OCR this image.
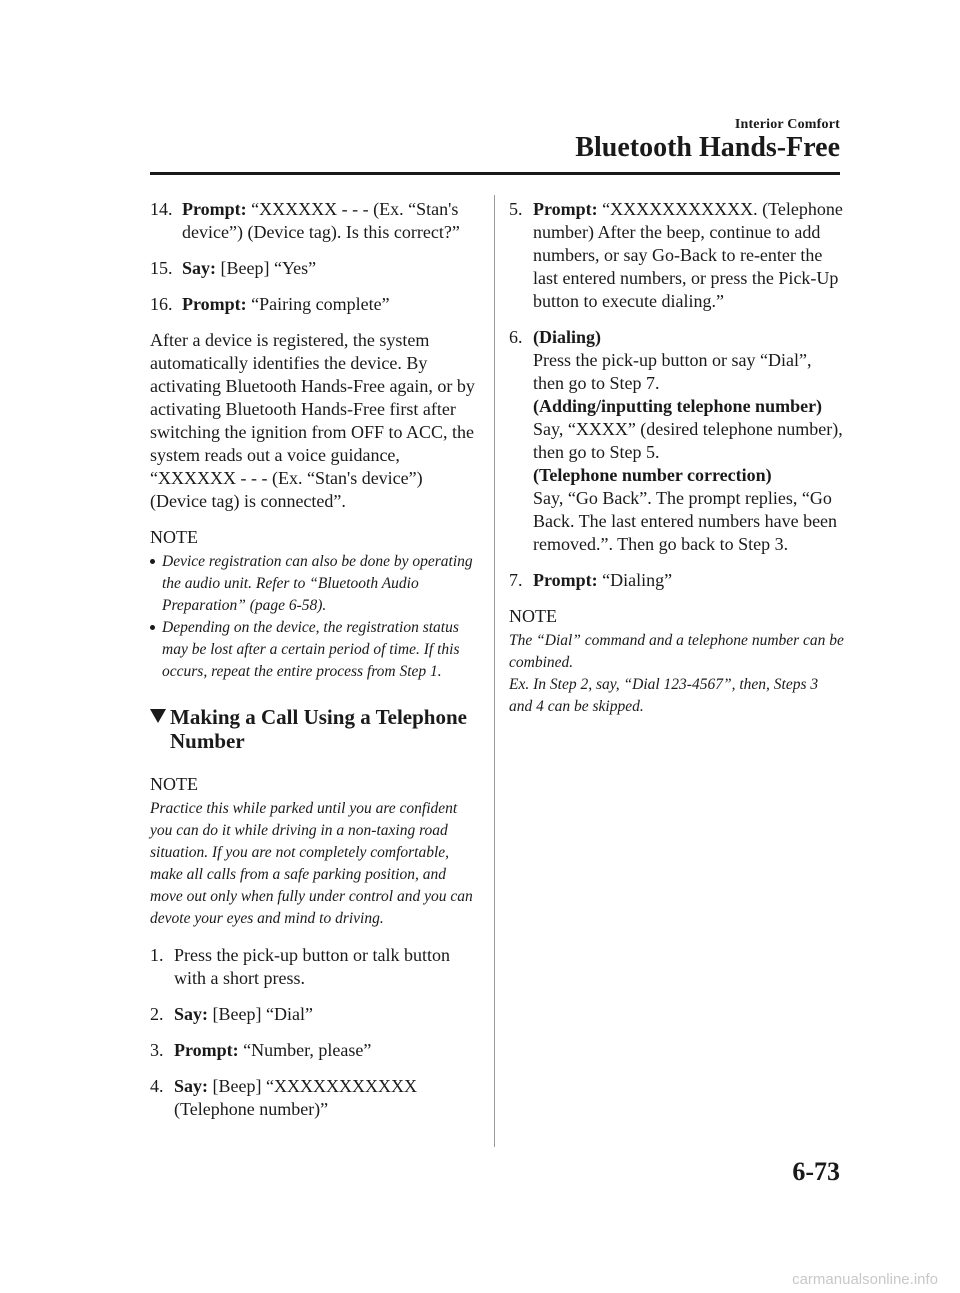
Interior Comfort
Bluetooth Hands-Free
14. Prompt: “XXXXXX - - - (Ex. “Stan's device”) (Device tag). Is this correct?”
15. Say: [Beep] “Yes”
16. Prompt: “Pairing complete”

After a device is registered, the system automatically identifies the device. By activating Bluetooth Hands-Free again, or by activating Bluetooth Hands-Free first after switching the ignition from OFF to ACC, the system reads out a voice guidance, “XXXXXX - - - (Ex. “Stan's device”) (Device tag) is connected”.

NOTE
Device registration can also be done by operating the audio unit. Refer to “Bluetooth Audio Preparation” (page 6-58).
Depending on the device, the registration status may be lost after a certain period of time. If this occurs, repeat the entire process from Step 1.
Making a Call Using a Telephone Number
NOTE

Practice this while parked until you are confident you can do it while driving in a non-taxing road situation. If you are not completely comfortable, make all calls from a safe parking position, and move out only when fully under control and you can devote your eyes and mind to driving.

1. Press the pick-up button or talk button with a short press.
2. Say: [Beep] “Dial”
3. Prompt: “Number, please”
4. Say: [Beep] “XXXXXXXXXXX (Telephone number)”
5. Prompt: “XXXXXXXXXXX. (Telephone number) After the beep, continue to add numbers, or say Go-Back to re-enter the last entered numbers, or press the Pick-Up button to execute dialing.”
6. (Dialing)
Press the pick-up button or say “Dial”, then go to Step 7.
(Adding/inputting telephone number)
Say, “XXXX” (desired telephone number), then go to Step 5.
(Telephone number correction)
Say, “Go Back”. The prompt replies, “Go Back. The last entered numbers have been removed.”. Then go back to Step 3.
7. Prompt: “Dialing”
NOTE

The “Dial” command and a telephone number can be combined.

Ex. In Step 2, say, “Dial 123-4567”, then, Steps 3 and 4 can be skipped.

6-73
carmanualsonline.info
